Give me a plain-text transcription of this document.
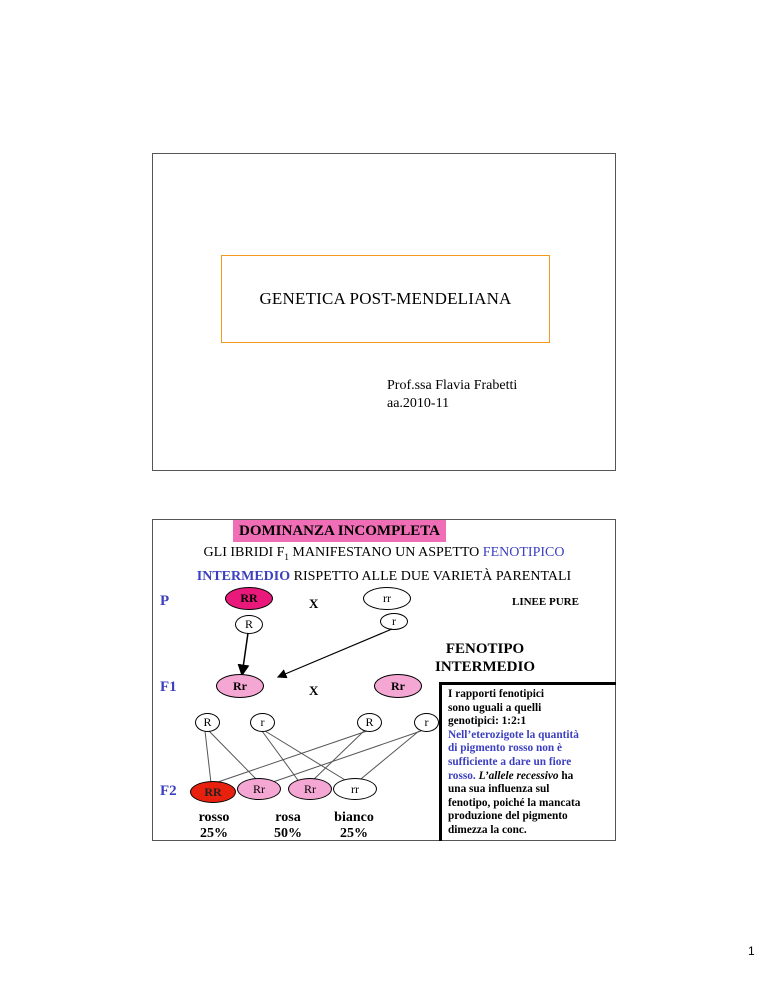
GENETICA POST-MENDELIANA
Prof.ssa Flavia Frabetti
aa.2010-11
DOMINANZA INCOMPLETA
GLI IBRIDI $F_1$ MANIFESTANO UN ASPETTO FENOTIPICO
INTERMEDIO RISPETTO ALLE DUE VARIETÀ PARENTALI
P
F1
F2
X
X
LINEE PURE
FENOTIPO
INTERMEDIO
RR	rr
R	r
Rr	Rr
R	r	R	r
RR	Rr	Rr	rr
rosso
25%
rosa
50%
bianco
25%
I rapporti fenotipici
sono uguali a quelli
genotipici: 1:2:1
Nell’eterozigote la quantità
di pigmento rosso non è
sufficiente a dare un fiore
rosso. L’allele recessivo ha
una sua influenza sul
fenotipo, poiché la mancata
produzione del pigmento
dimezza la conc.
1
